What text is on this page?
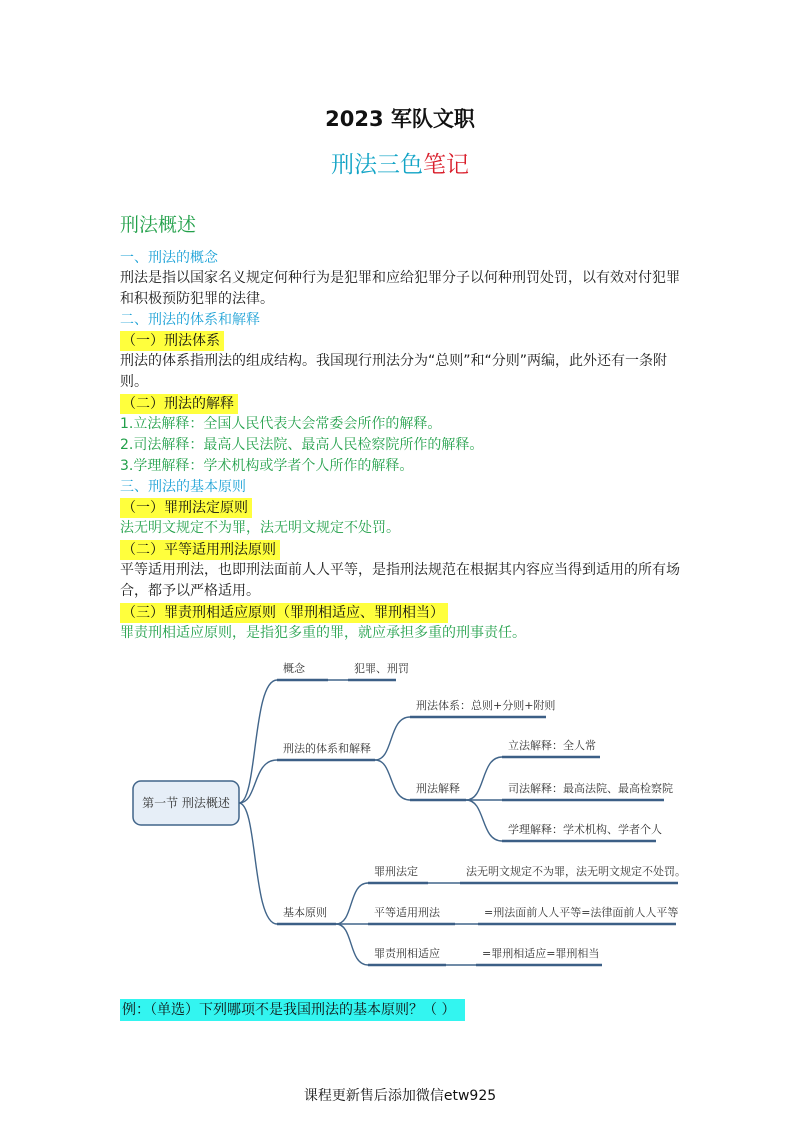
2023 军队文职
刑法三色笔记
刑法概述
一、刑法的概念
刑法是指以国家名义规定何种行为是犯罪和应给犯罪分子以何种刑罚处罚，以有效对付犯罪和积极预防犯罪的法律。
二、刑法的体系和解释
（一）刑法体系
刑法的体系指刑法的组成结构。我国现行刑法分为“总则”和“分则”两编，此外还有一条附则。
（二）刑法的解释
1.立法解释：全国人民代表大会常委会所作的解释。
2.司法解释：最高人民法院、最高人民检察院所作的解释。
3.学理解释：学术机构或学者个人所作的解释。
三、刑法的基本原则
（一）罪刑法定原则
法无明文规定不为罪，法无明文规定不处罚。
（二）平等适用刑法原则
平等适用刑法，也即刑法面前人人平等，是指刑法规范在根据其内容应当得到适用的所有场合，都予以严格适用。
（三）罪责刑相适应原则（罪刑相适应、罪刑相当）
罪责刑相适应原则，是指犯多重的罪，就应承担多重的刑事责任。
第一节 刑法概述
概念
刑法的体系和解释
基本原则
犯罪、刑罚
刑法体系：总则+分则+附则
刑法解释
立法解释：全人常
司法解释：最高法院、最高检察院
学理解释：学术机构、学者个人
罪刑法定	法无明文规定不为罪，法无明文规定不处罚。
平等适用刑法	=刑法面前人人平等=法律面前人人平等
罪责刑相适应	=罪刑相适应=罪刑相当
例：（单选）下列哪项不是我国刑法的基本原则？（ ）
课程更新售后添加微信etw925
